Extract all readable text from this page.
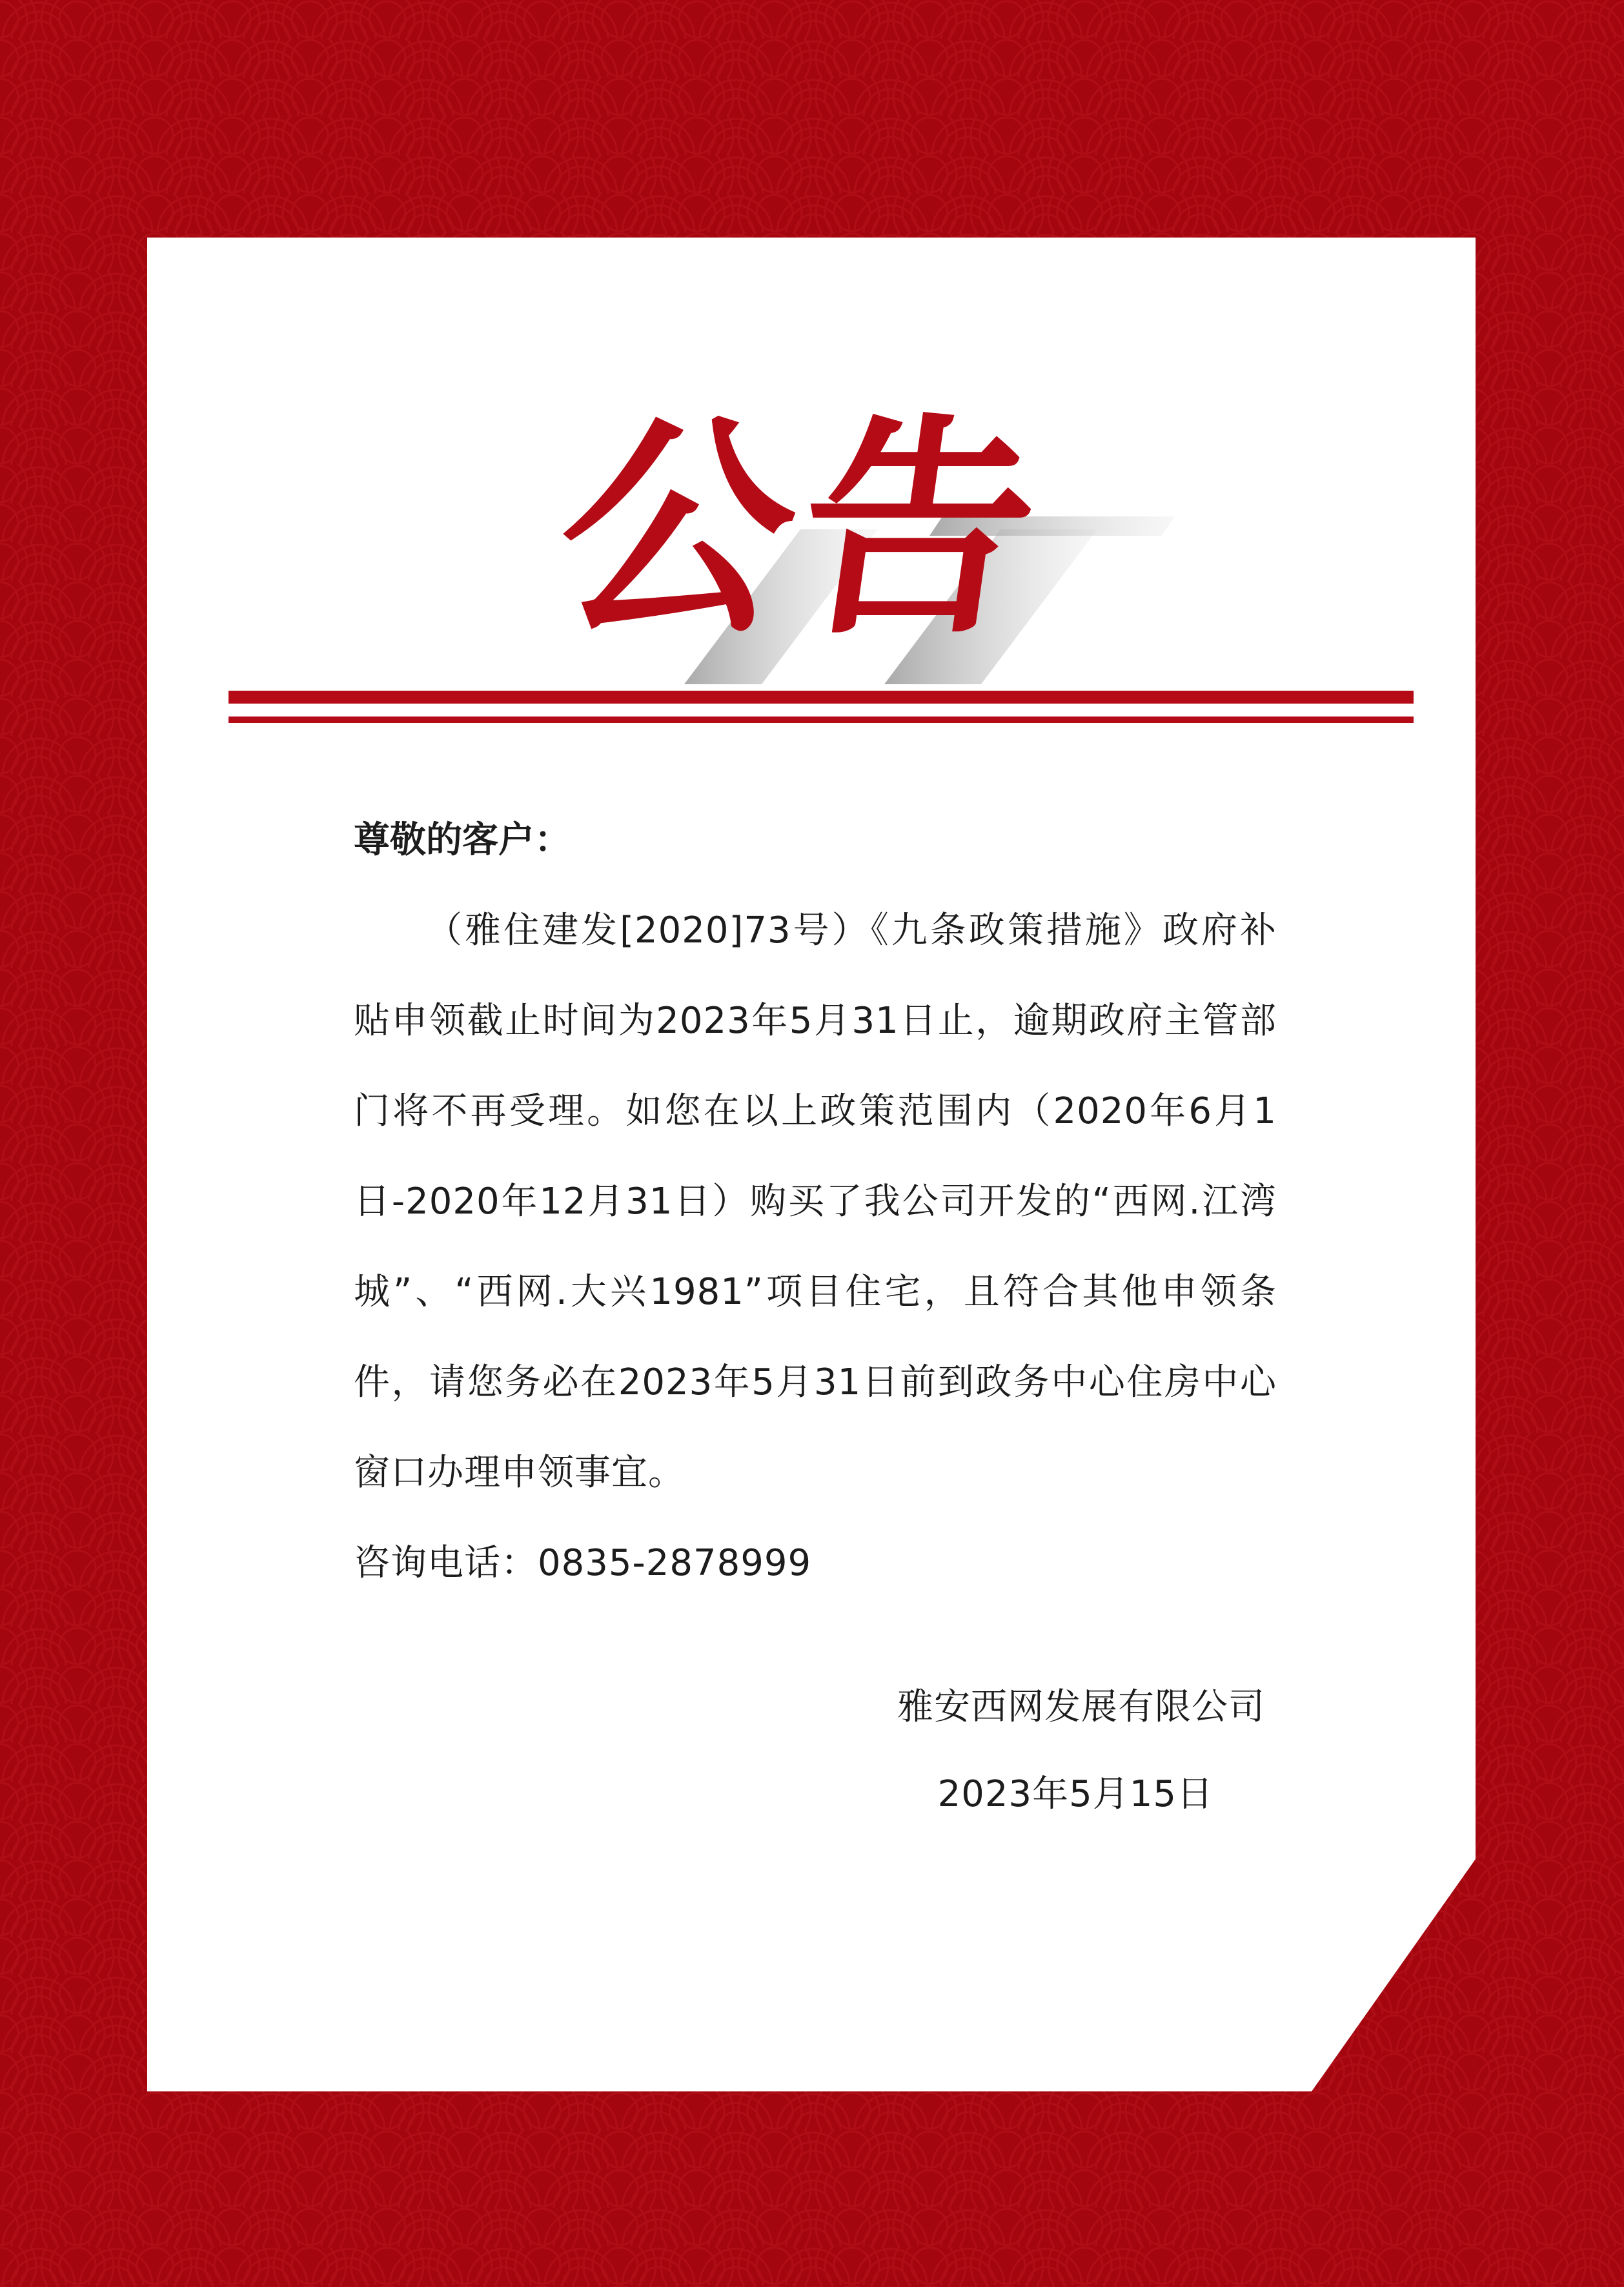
公告
尊敬的客户：

（雅住建发[2020]73号）《九条政策措施》政府补贴申领截止时间为2023年5月31日止，逾期政府主管部门将不再受理。如您在以上政策范围内（2020年6月1日-2020年12月31日）购买了我公司开发的“西网.江湾城”、“西网.大兴1981”项目住宅，且符合其他申领条件，请您务必在2023年5月31日前到政务中心住房中心窗口办理申领事宜。

咨询电话：0835-2878999
雅安西网发展有限公司
2023年5月15日
